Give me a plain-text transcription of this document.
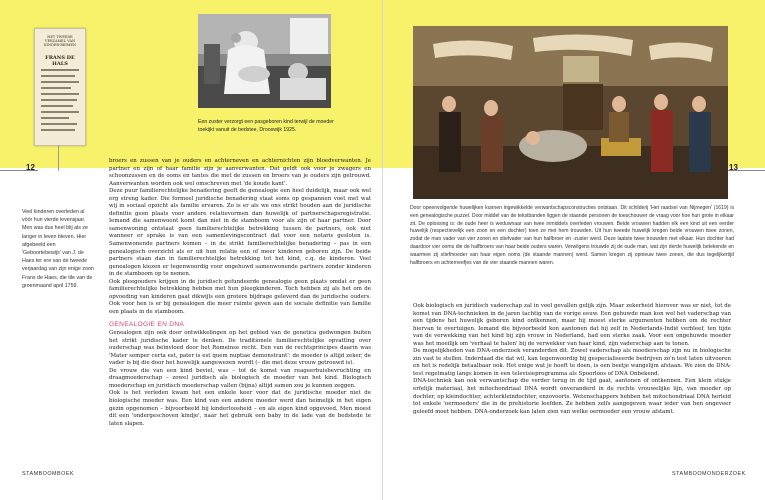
HET TWEEDE VERZAMEL VAN KINDER-REIMEN
FRANS DE HALS
12
Veel kinderen overleden al vóór hun vierde levensjaar. Men was dus heel blij als ze langer in leven bleven. Hier afgebeeld een 'Geboortebewijs' van J. de Haes ter ere van de tweede verjaardag van zijn enige zoon Frans de Haes, die tile van de groenmaand april 1759.
Een zuster verzorgt een pasgeboren kind terwijl de moeder toekijkt vanuit de bedstee, Drooswijk 1925.

broers en zussen van je ouders en achterneven en achternichten zijn bloedverwanten. Je partner en zijn of haar familie zijn je aanverwanten. Dat geldt ook voor je zwagers en schoonzussen en de ooms en tantes die met de zussen en broers van je ouders zijn getrouwd. Aanverwanten worden ook wel omschreven met 'de koude kant'.

Deze puur familierechtelijke benadering geeft de genealogie een heel duidelijk, maar ook wel erg streng kader. Die formeel juridische benadering staat soms op gespannen voet met wat wij in sociaal opzicht als familie ervaren. Zo is er als we ons strikt houden aan de juridische definitie geen plaats voor andere relatievormen dan huwelijk of partnerschapsregistratie. Iemand die samenwoont komt dan niet in de stamboom voor als zijn of haar partner. Door samenwoning ontstaat geen familierechtelijke betrekking tussen de partners, ook niet wanneer er sprake is van een samenlevingscontract dat voor een notaris gesloten is. Samenwonende partners komen – in de strikt familierechtelijke benadering – pas in een genealogisch overzicht als er uit hun relatie een of meer kinderen geboren zijn. De beide partners staan dan in familierechtelijke betrekking tot het kind, c.q. de kinderen. Veel genealogen kiezen er tegenwoordig voor ongehuwd samenwonende partners zonder kinderen in de stamboom op te nemen.

Ook pleegouders krijgen in de juridisch gefundeerde genealogie geen plaats omdat er geen familierechtelijke betrekking hebben met hun pleegkinderen. Toch hebben zij als het om de opvoeding van kinderen gaat dikwijls een grotere bijdrage geleverd dan de juridische ouders. Ook voor hen is er bij genealogen die meer ruimte geven aan de sociale definitie van familie een plaats in de stamboom.

GENEALOGIE EN DNA

Genealogen zijn ook door ontwikkelingen op het gebied van de genetica gedwongen buiten het strikt juridische kader te denken. De traditionele familierechtelijke opvatting over ouderschap was beïnvloed door het Romeinse recht. Een van de rechtsprincipes daarin was 'Mater semper certa est, pater is est quem nuptiae demonstrant': de moeder is altijd zeker, de vader is bij die door het huwelijk aangewezen wordt (– die met deze vrouw getrouwd is).

De vrouw die van een kind beviel, was – tot de komst van reageerbuisbevruchting en draagmoederschap – zowel juridisch als biologisch de moeder van het kind. Biologisch moederschap en juridisch moederschap vallen (bijna) altijd samen zou je kunnen zeggen.

Ook is het verleden kwam het een enkele keer voor dat de juridische moeder niet de biologische moeder was. Een kind van een andere moeder werd dan heimelijk in het eigen gezin opgenomen – bijvoorbeeld bij kinderloosheid – en als eigen kind opgevoed. Men moest dit een 'ondergeschoven kindje', naar het gebruik een baby in de lade van de bedstede te laten slapen.

STAMBOOMBOEK
13
Door opeenvolgende huwelijken kunnen ingewikkelde verwantschapsconstructies ontstaan. Dit schilderij 'Het raadsel van Nijmegen' (1619) is een genealogische puzzel. Door middel van de tekstbanden liggen de staande personen de toeschouwer de vraag voor hoe hun grote in elkaar zit. De oplossing is: de oude heer is weduwnaar van twee inmiddels overleden vrouwen. Beide vrouwen hadden elk een kind uit een eerder huwelijk (respectievelijk een zoon en een dochter) toen ze met hem trouwden. Uit hun tweede huwelijk kregen beide vrouwen twee zonen, zodat de man vader van vier zonen en stiefvader van hun halfbroer en -zuster werd. Deze laatste twee trouwden met elkaar. Hun dochter had daardoor vier ooms die de halfbroers van haar beide ouders waren. Verwilgens trouwde zij de oude man, wat zijn derde huwelijk betekende en waarmee zij stiefmoeder van haar eigen ooms (de staande mannen) werd. Samen kregen zij opnieuw twee zonen, die dus tegelijkertijd halfbroers en achterneefjes van de vier staande mannen waren.

Ook biologisch en juridisch vaderschap zal in veel gevallen gelijk zijn. Maar zekerheid hierover was er niet, tot de komst van DNA-technieken in de jaren tachtig van de vorige eeuw. Een gehuwde man kon wel het vaderschap van een tijdens het huwelijk geboren kind ontkennen, maar hij moest sterke argumenten hebben om de rechter hiervan te overtuigen. Iemand die bijvoorbeeld kon aantonen dat hij zelf in Nederlands-Indië verbleef, ten tijde van de verwekking van het kind bij zijn vrouw in Nederland, had een sterke zaak. Voor een ongehuwde moeder was het moeilijk om 'verhaal te halen' bij de verwekker van haar kind, zijn vaderschap aan te tonen.

De mogelijkheden van DNA-onderzoek veranderden dit. Zowel vaderschap als moederschap zijn nu in biologische zin vast te stellen. Inderdaad die dat wil, kan tegenwoordig bij gespecialiseerde bedrijven zo'n test laten uitvoeren en het is redelijk betaalbaar ook. Het enige wat je hoeft te doen, is een beetje wangslijm afstaan. We zien de DNA-test regelmatig langs komen in een televisieprogramma als Spoorloos of DNA Onbekend.

DNA-techniek kan ook verwantschap die verder terug in de tijd gaat, aantonen of ontkennen. Een klein stukje erfelijk materiaal, het mitochondriaal DNA wordt onveranderd in de rechte vrouwelijke lijn, van moeder op dochter, op kleindochter, achterkleindochter, enzovoorts. Wetenschappers hebben het mitochondriaal DNA herleid tot enkele 'oermoeders' die in de prehistorie leefden. Ze hebben zelfs aangegeven waar ieder van hen ongeveer geleefd moet hebben. DNA-onderzoek kan laten zien van welke oermoeder een vrouw afstamt.

STAMBOOMONDERZOEK
